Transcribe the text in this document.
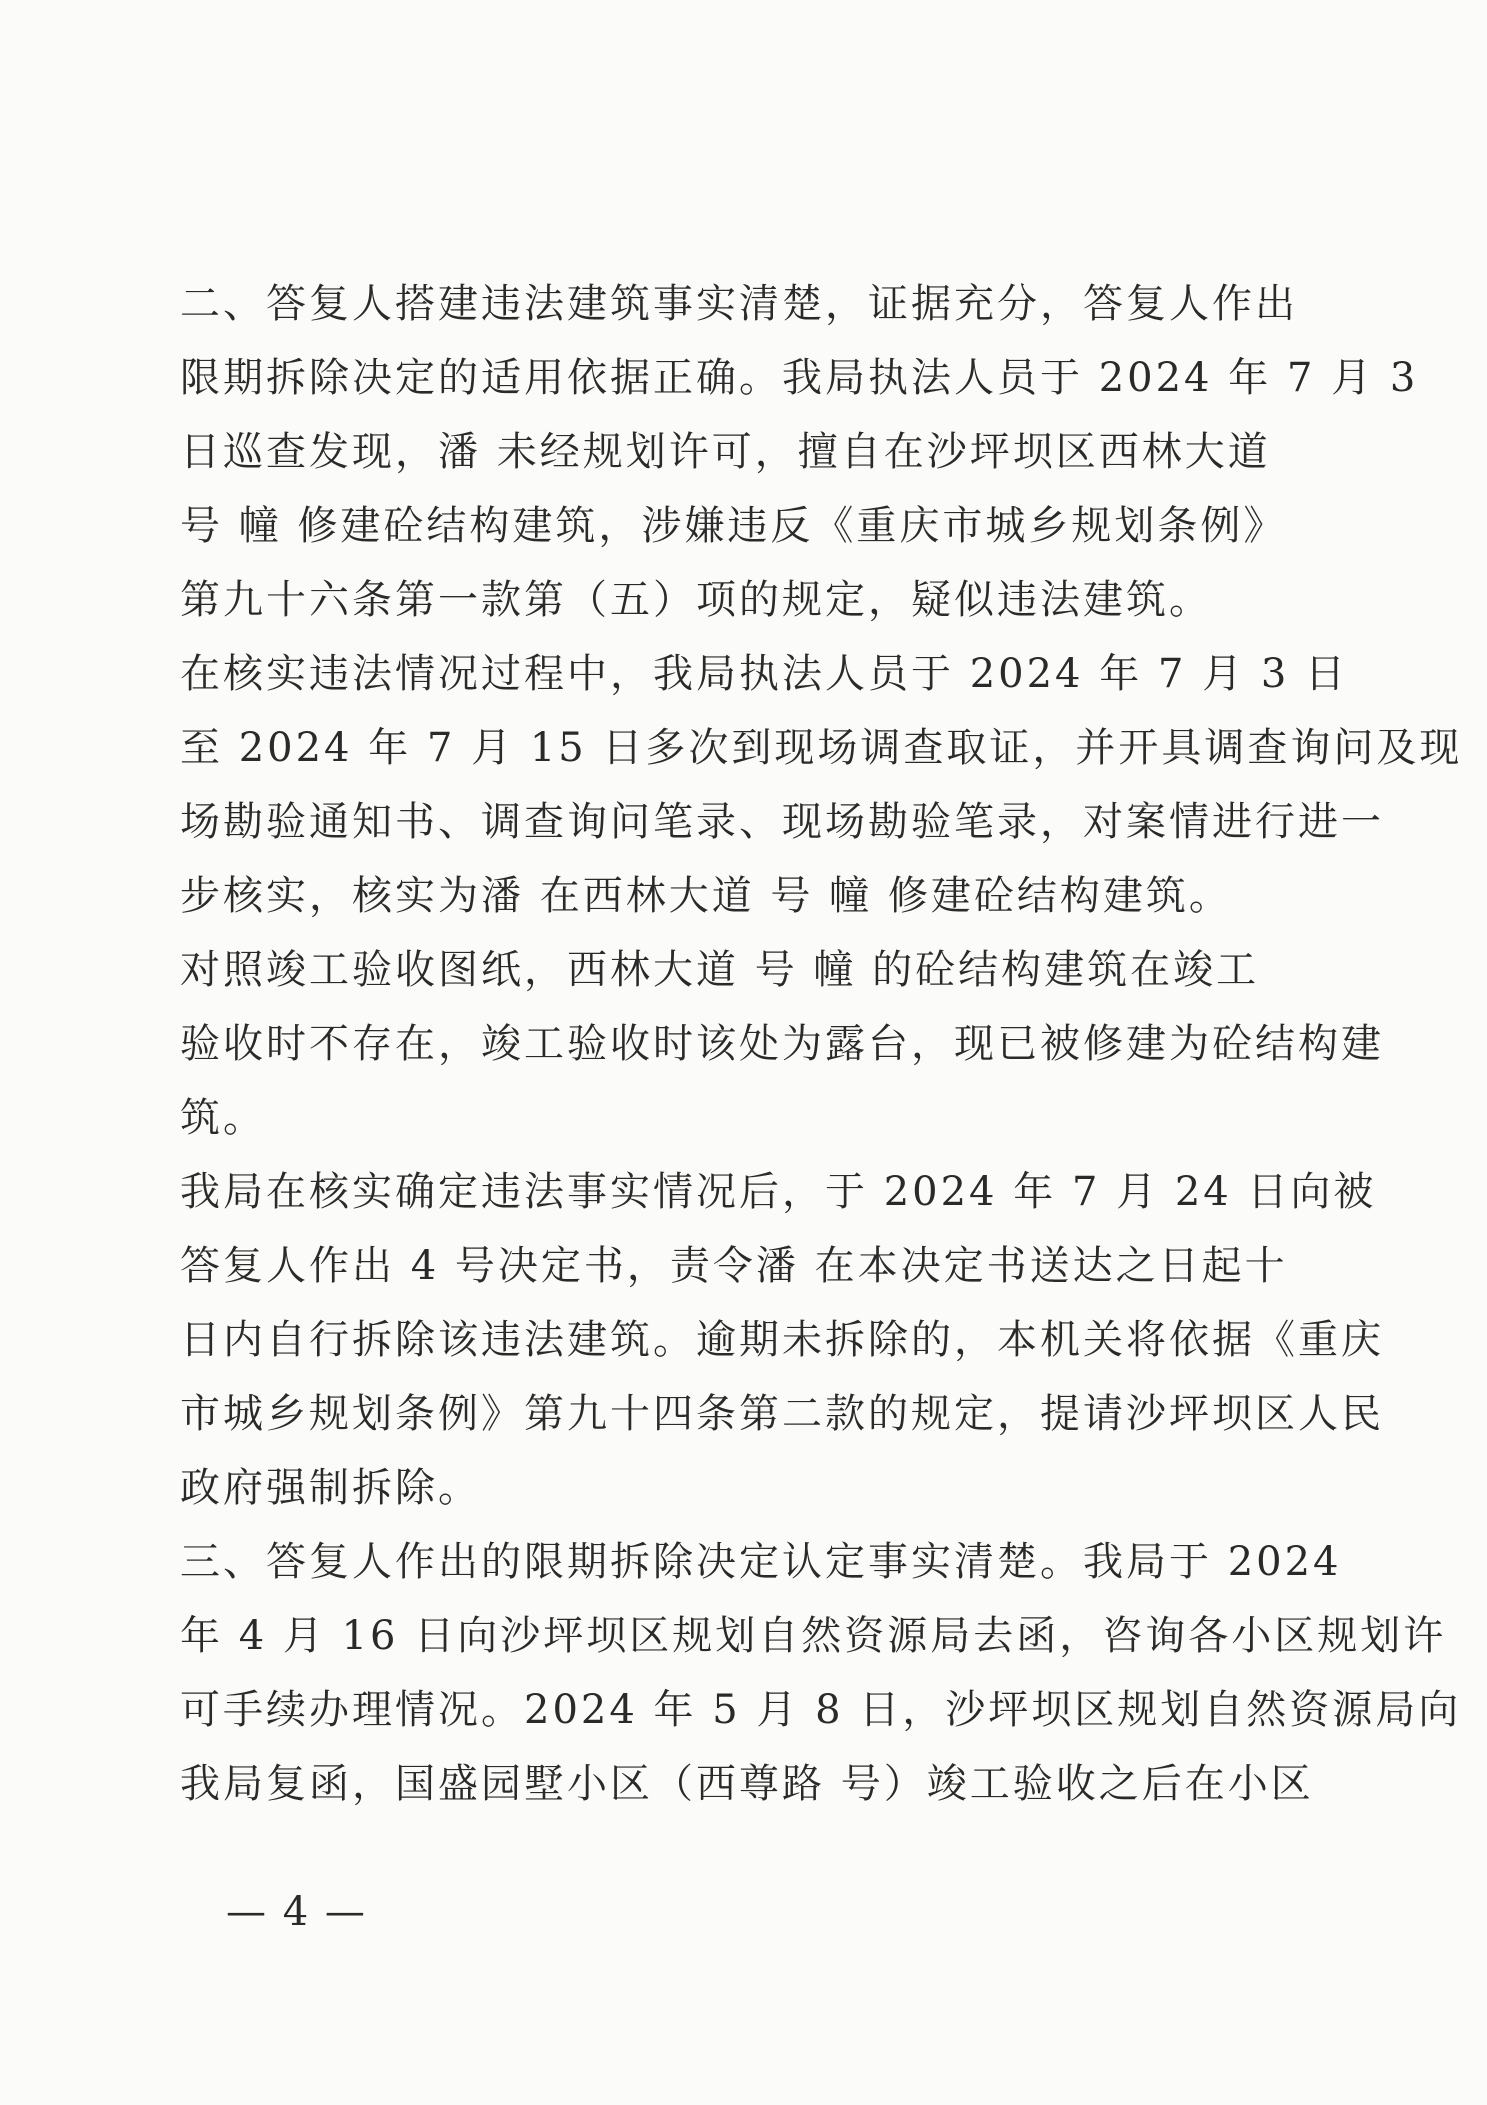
二、答复人搭建违法建筑事实清楚，证据充分，答复人作出
限期拆除决定的适用依据正确。我局执法人员于 2024 年 7 月 3
日巡查发现，潘 未经规划许可，擅自在沙坪坝区西林大道
号 幢 修建砼结构建筑，涉嫌违反《重庆市城乡规划条例》
第九十六条第一款第（五）项的规定，疑似违法建筑。
在核实违法情况过程中，我局执法人员于 2024 年 7 月 3 日
至 2024 年 7 月 15 日多次到现场调查取证，并开具调查询问及现
场勘验通知书、调查询问笔录、现场勘验笔录，对案情进行进一
步核实，核实为潘 在西林大道 号 幢 修建砼结构建筑。
对照竣工验收图纸，西林大道 号 幢 的砼结构建筑在竣工
验收时不存在，竣工验收时该处为露台，现已被修建为砼结构建
筑。
我局在核实确定违法事实情况后，于 2024 年 7 月 24 日向被
答复人作出 4 号决定书，责令潘 在本决定书送达之日起十
日内自行拆除该违法建筑。逾期未拆除的，本机关将依据《重庆
市城乡规划条例》第九十四条第二款的规定，提请沙坪坝区人民
政府强制拆除。
三、答复人作出的限期拆除决定认定事实清楚。我局于 2024
年 4 月 16 日向沙坪坝区规划自然资源局去函，咨询各小区规划许
可手续办理情况。2024 年 5 月 8 日，沙坪坝区规划自然资源局向
我局复函，国盛园墅小区（西尊路 号）竣工验收之后在小区
— 4 —
